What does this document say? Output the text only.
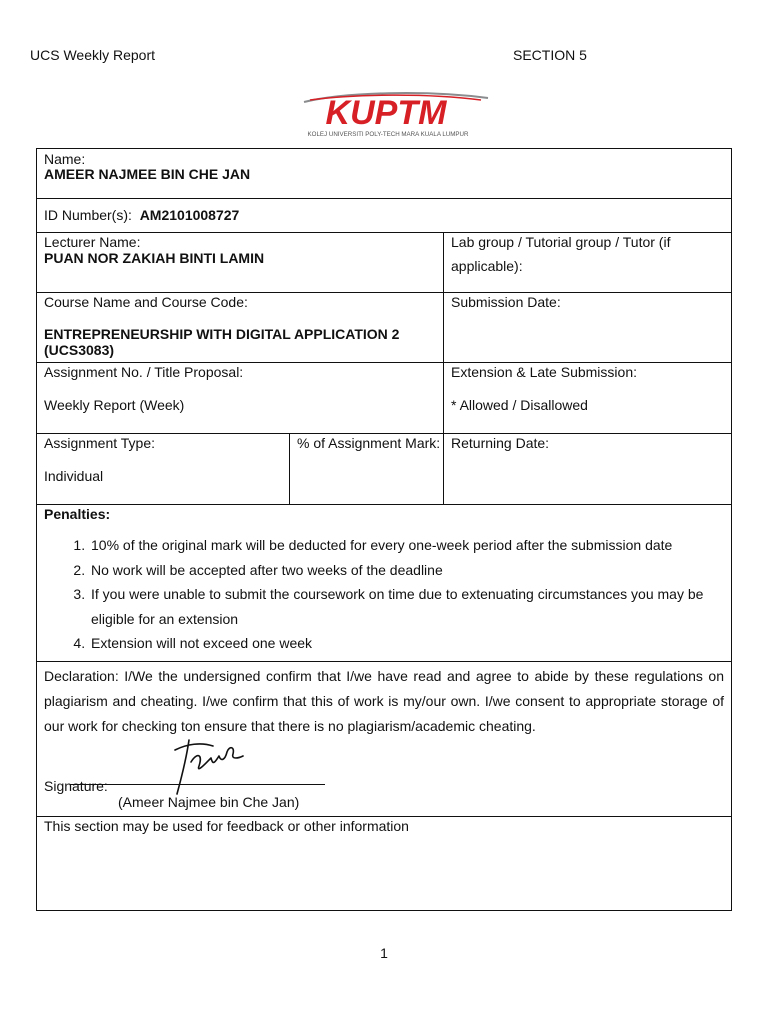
UCS Weekly Report	SECTION 5
KUPTM
KOLEJ UNIVERSITI POLY-TECH MARA KUALA LUMPUR
Name:
AMEER NAJMEE BIN CHE JAN
ID Number(s): AM2101008727
Lecturer Name:
PUAN NOR ZAKIAH BINTI LAMIN
Lab group / Tutorial group / Tutor (if
applicable):
Course Name and Course Code:
ENTREPRENEURSHIP WITH DIGITAL APPLICATION 2
(UCS3083)
Submission Date:
Assignment No. / Title Proposal:
Weekly Report (Week)
Extension & Late Submission:
* Allowed / Disallowed
Assignment Type:
Individual
% of Assignment Mark: Returning Date:
Penalties:
1. 10% of the original mark will be deducted for every one-week period after the submission date
2. No work will be accepted after two weeks of the deadline
3. If you were unable to submit the coursework on time due to extenuating circumstances you may be eligible for an extension
4. Extension will not exceed one week
Declaration: I/We the undersigned confirm that I/we have read and agree to abide by these regulations on plagiarism and cheating. I/we confirm that this of work is my/our own. I/we consent to appropriate storage of our work for checking ton ensure that there is no plagiarism/academic cheating.
Signature:
(Ameer Najmee bin Che Jan)
This section may be used for feedback or other information
1
